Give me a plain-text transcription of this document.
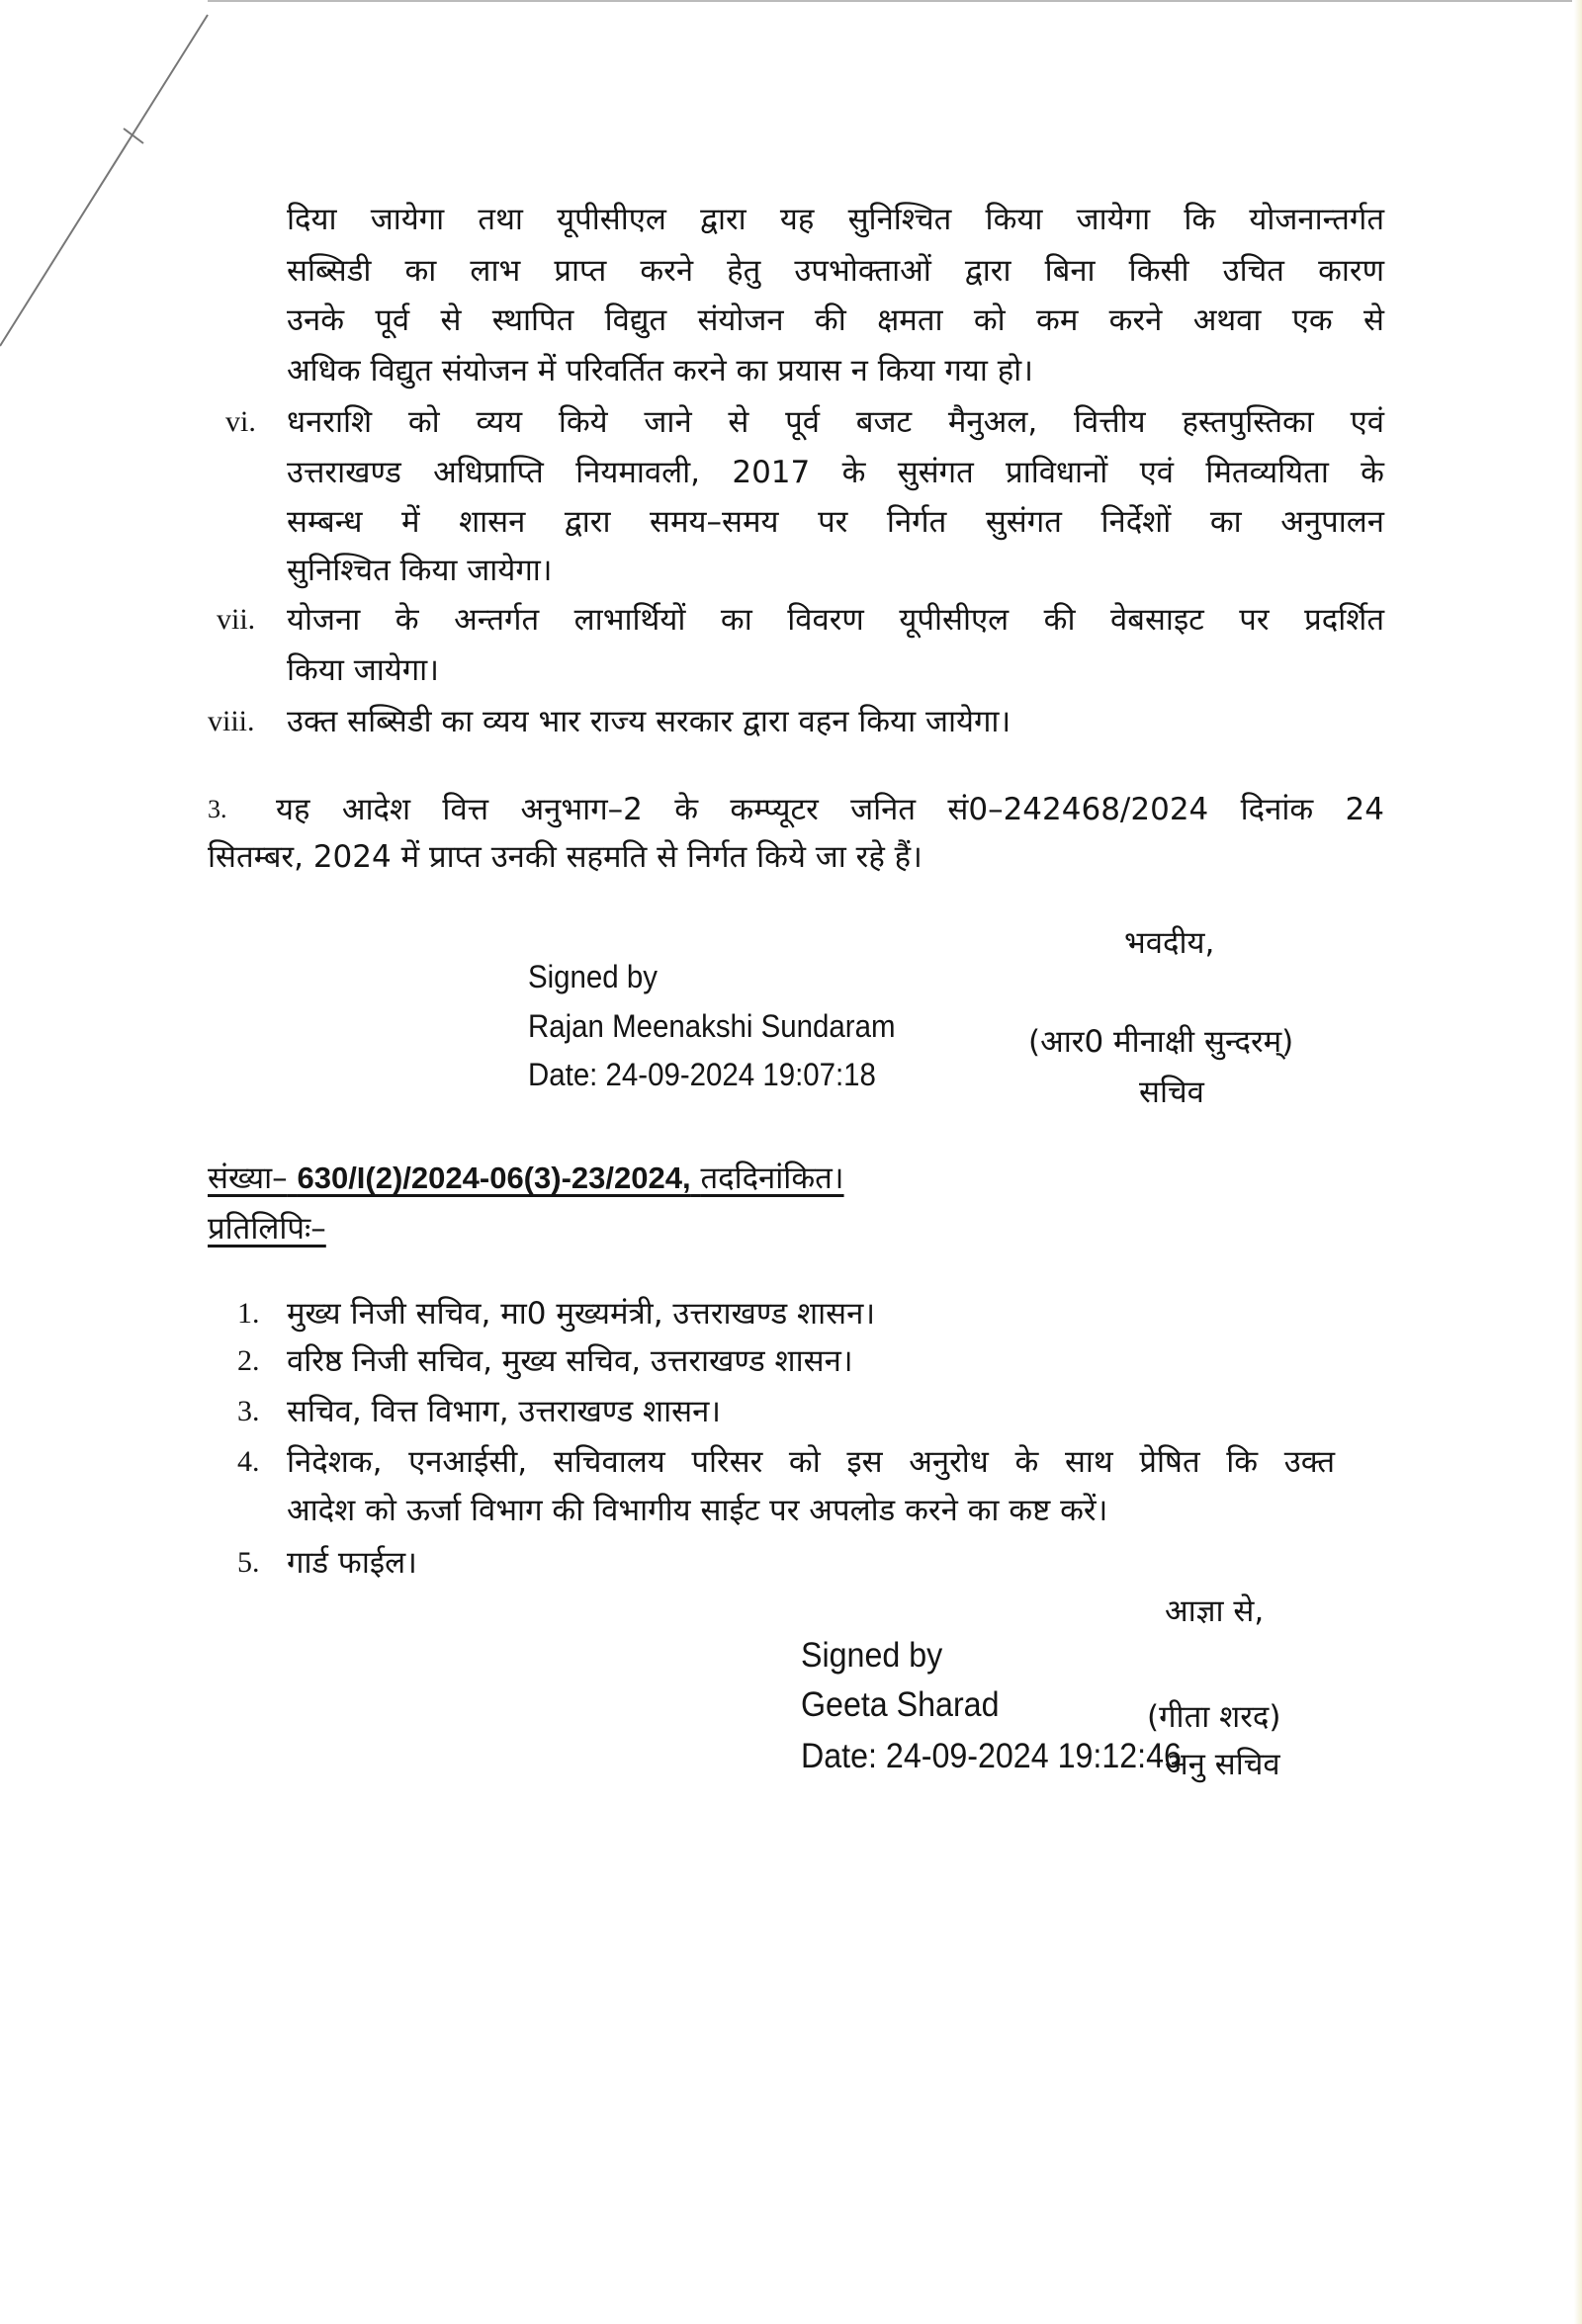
दिया जायेगा तथा यूपीसीएल द्वारा यह सुनिश्चित किया जायेगा कि योजनान्तर्गत
सब्सिडी का लाभ प्राप्त करने हेतु उपभोक्ताओं द्वारा बिना किसी उचित कारण
उनके पूर्व से स्थापित विद्युत संयोजन की क्षमता को कम करने अथवा एक से
अधिक विद्युत संयोजन में परिवर्तित करने का प्रयास न किया गया हो।
vi. धनराशि को व्यय किये जाने से पूर्व बजट मैनुअल, वित्तीय हस्तपुस्तिका एवं
उत्तराखण्ड अधिप्राप्ति नियमावली, 2017 के सुसंगत प्राविधानों एवं मितव्ययिता के
सम्बन्ध में शासन द्वारा समय–समय पर निर्गत सुसंगत निर्देशों का अनुपालन
सुनिश्चित किया जायेगा।
vii. योजना के अन्तर्गत लाभार्थियों का विवरण यूपीसीएल की वेबसाइट पर प्रदर्शित
किया जायेगा।
viii. उक्त सब्सिडी का व्यय भार राज्य सरकार द्वारा वहन किया जायेगा।
3. यह आदेश वित्त अनुभाग–2 के कम्प्यूटर जनित सं0–242468/2024 दिनांक 24
सितम्बर, 2024 में प्राप्त उनकी सहमति से निर्गत किये जा रहे हैं।
भवदीय,
Signed by
Rajan Meenakshi Sundaram
Date: 24-09-2024 19:07:18
(आर0 मीनाक्षी सुन्दरम्)
सचिव
संख्या– 630/I(2)/2024-06(3)-23/2024, तददिनांकित।
प्रतिलिपिः–
1. मुख्य निजी सचिव, मा0 मुख्यमंत्री, उत्तराखण्ड शासन।
2. वरिष्ठ निजी सचिव, मुख्य सचिव, उत्तराखण्ड शासन।
3. सचिव, वित्त विभाग, उत्तराखण्ड शासन।
4. निदेशक, एनआईसी, सचिवालय परिसर को इस अनुरोध के साथ प्रेषित कि उक्त
आदेश को ऊर्जा विभाग की विभागीय साईट पर अपलोड करने का कष्ट करें।
5. गार्ड फाईल।
आज्ञा से,
Signed by
Geeta Sharad
Date: 24-09-2024 19:12:46
(गीता शरद)
अनु सचिव
